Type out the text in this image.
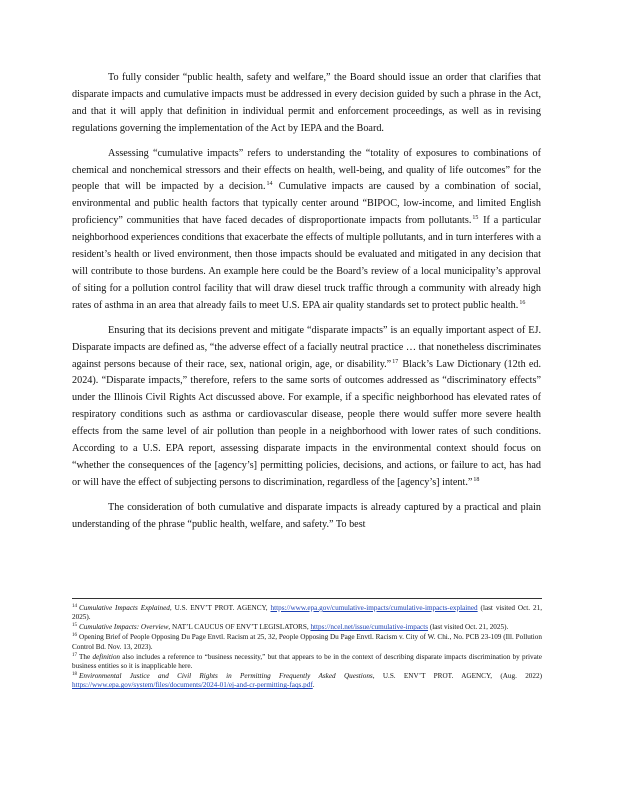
To fully consider “public health, safety and welfare,” the Board should issue an order that clarifies that disparate impacts and cumulative impacts must be addressed in every decision guided by such a phrase in the Act, and that it will apply that definition in individual permit and enforcement proceedings, as well as in revising regulations governing the implementation of the Act by IEPA and the Board.

Assessing “cumulative impacts” refers to understanding the “totality of exposures to combinations of chemical and nonchemical stressors and their effects on health, well-being, and quality of life outcomes” for the people that will be impacted by a decision.$^{14}$ Cumulative impacts are caused by a combination of social, environmental and public health factors that typically center around “BIPOC, low-income, and limited English proficiency” communities that have faced decades of disproportionate impacts from pollutants.$^{15}$ If a particular neighborhood experiences conditions that exacerbate the effects of multiple pollutants, and in turn interferes with a resident’s health or lived environment, then those impacts should be evaluated and mitigated in any decision that will contribute to those burdens. An example here could be the Board’s review of a local municipality’s approval of siting for a pollution control facility that will draw diesel truck traffic through a community with already high rates of asthma in an area that already fails to meet U.S. EPA air quality standards set to protect public health.$^{16}$

Ensuring that its decisions prevent and mitigate “disparate impacts” is an equally important aspect of EJ. Disparate impacts are defined as, “the adverse effect of a facially neutral practice … that nonetheless discriminates against persons because of their race, sex, national origin, age, or disability.”$^{17}$ Black’s Law Dictionary (12th ed. 2024). “Disparate impacts,” therefore, refers to the same sorts of outcomes addressed as “discriminatory effects” under the Illinois Civil Rights Act discussed above. For example, if a specific neighborhood has elevated rates of respiratory conditions such as asthma or cardiovascular disease, people there would suffer more severe health effects from the same level of air pollution than people in a neighborhood with lower rates of such conditions. According to a U.S. EPA report, assessing disparate impacts in the environmental context should focus on “whether the consequences of the [agency’s] permitting policies, decisions, and actions, or failure to act, has had or will have the effect of subjecting persons to discrimination, regardless of the [agency’s] intent.”$^{18}$

The consideration of both cumulative and disparate impacts is already captured by a practical and plain understanding of the phrase “public health, welfare, and safety.” To best

$^{14}$ Cumulative Impacts Explained, U.S. ENV’T PROT. AGENCY, https://www.epa.gov/cumulative-impacts/cumulative-impacts-explained (last visited Oct. 21, 2025).
$^{15}$ Cumulative Impacts: Overview, NAT’L CAUCUS OF ENV’T LEGISLATORS, https://ncel.net/issue/cumulative-impacts (last visited Oct. 21, 2025).
$^{16}$ Opening Brief of People Opposing Du Page Envtl. Racism at 25, 32, People Opposing Du Page Envtl. Racism v. City of W. Chi., No. PCB 23-109 (Ill. Pollution Control Bd. Nov. 13, 2023).
$^{17}$ The definition also includes a reference to “business necessity,” but that appears to be in the context of describing disparate impacts discrimination by private business entities so it is inapplicable here.
$^{18}$ Environmental Justice and Civil Rights in Permitting Frequently Asked Questions, U.S. ENV’T PROT. AGENCY, (Aug. 2022) https://www.epa.gov/system/files/documents/2024-01/ej-and-cr-permitting-faqs.pdf.
